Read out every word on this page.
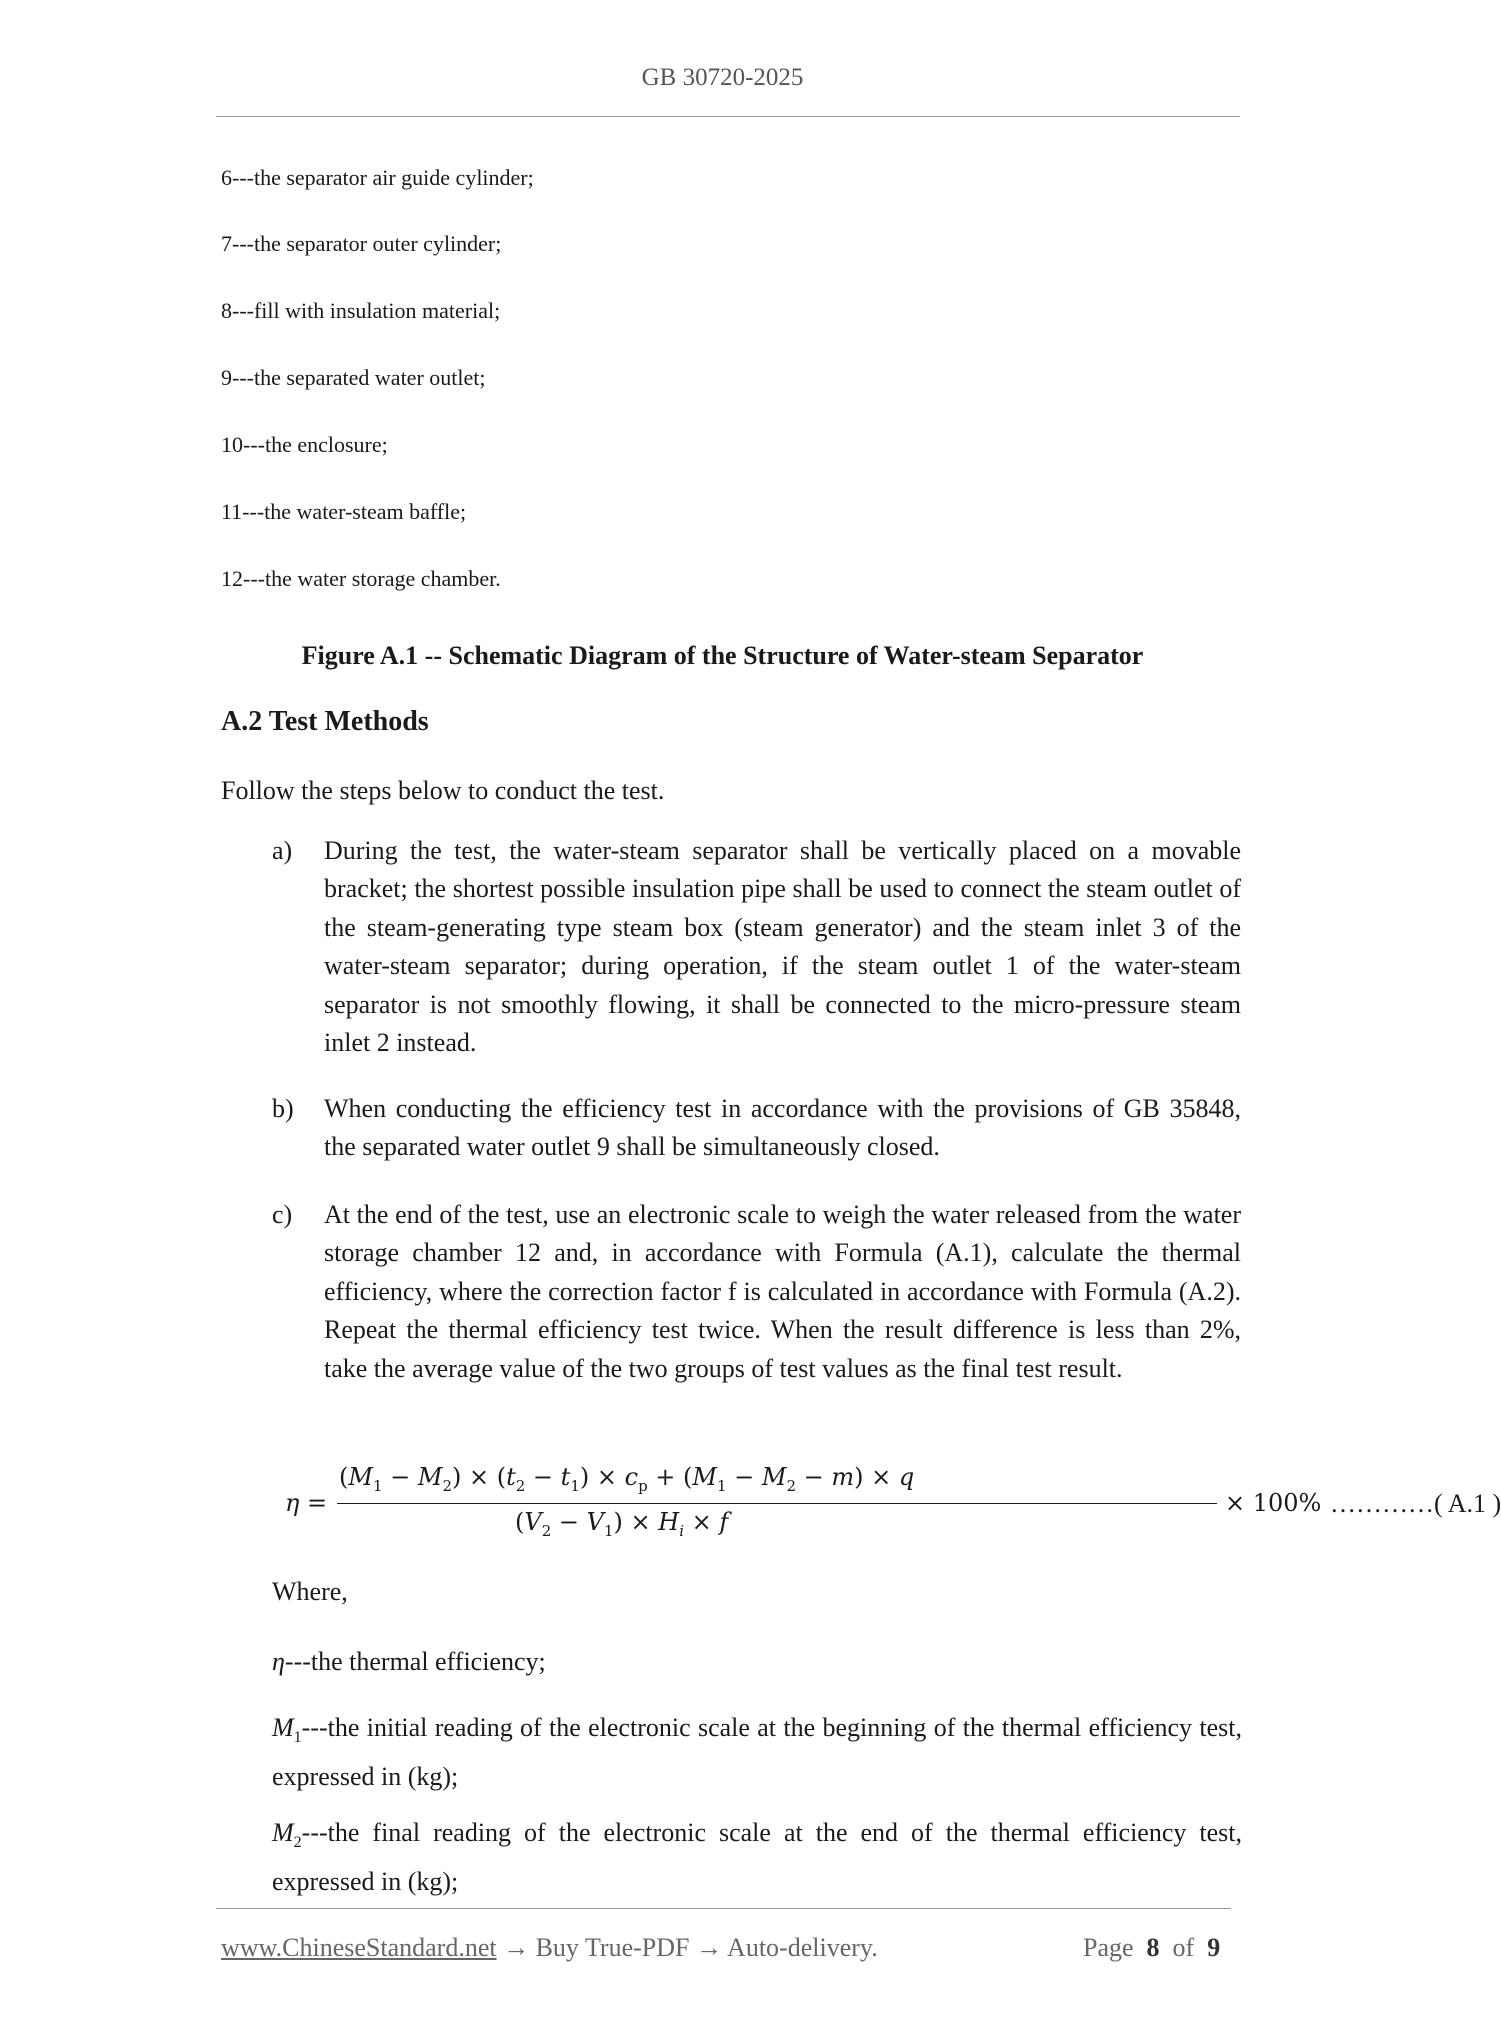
GB 30720-2025
6---the separator air guide cylinder;
7---the separator outer cylinder;
8---fill with insulation material;
9---the separated water outlet;
10---the enclosure;
11---the water-steam baffle;
12---the water storage chamber.
Figure A.1 -- Schematic Diagram of the Structure of Water-steam Separator
A.2 Test Methods
Follow the steps below to conduct the test.
a) During the test, the water-steam separator shall be vertically placed on a movable bracket; the shortest possible insulation pipe shall be used to connect the steam outlet of the steam-generating type steam box (steam generator) and the steam inlet 3 of the water-steam separator; during operation, if the steam outlet 1 of the water-steam separator is not smoothly flowing, it shall be connected to the micro-pressure steam inlet 2 instead.
b) When conducting the efficiency test in accordance with the provisions of GB 35848, the separated water outlet 9 shall be simultaneously closed.
c) At the end of the test, use an electronic scale to weigh the water released from the water storage chamber 12 and, in accordance with Formula (A.1), calculate the thermal efficiency, where the correction factor f is calculated in accordance with Formula (A.2). Repeat the thermal efficiency test twice. When the result difference is less than 2%, take the average value of the two groups of test values as the final test result.
η =
$(M_1 - M_2) \times (t_2 - t_1) \times c_p + (M_1 - M_2 - m) \times q$
$(V_2 - V_1) \times H_i \times f$
× 100% …………( A.1 )
Where,
η---the thermal efficiency;
$M_1--$-the initial reading of the electronic scale at the beginning of the thermal efficiency test, expressed in (kg);
$M_2--$-the final reading of the electronic scale at the end of the thermal efficiency test, expressed in (kg);
www.ChineseStandard.net → Buy True-PDF → Auto-delivery.	Page 8 of 9
